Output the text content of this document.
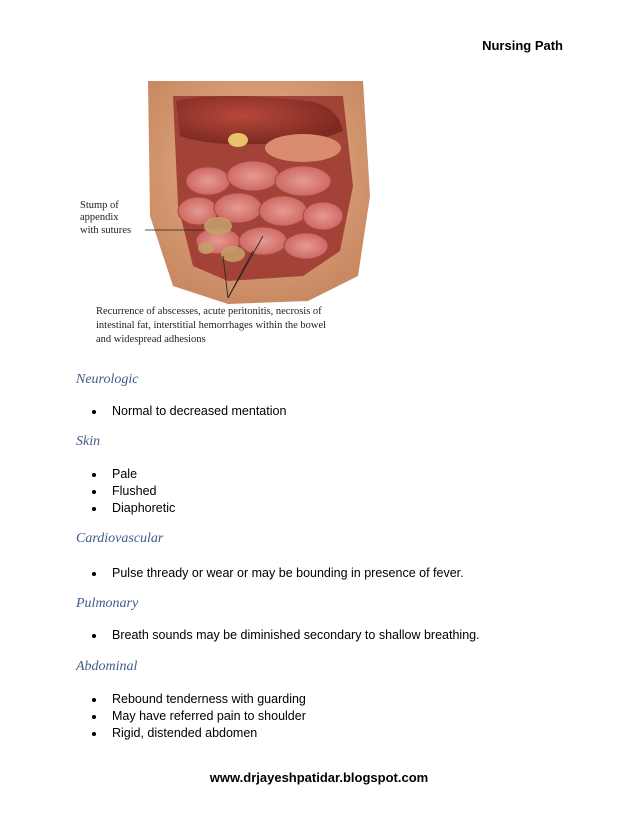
Nursing Path
Stump of
appendix
with sutures
Recurrence of abscesses, acute peritonitis, necrosis of
intestinal fat, interstitial hemorrhages within the bowel
and widespread adhesions
Neurologic
Normal to decreased mentation
Skin
Pale
Flushed
Diaphoretic
Cardiovascular
Pulse thready or wear or may be bounding in presence of fever.
Pulmonary
Breath sounds may be diminished secondary to shallow breathing.
Abdominal
Rebound tenderness with guarding
May have referred pain to shoulder
Rigid, distended abdomen
www.drjayeshpatidar.blogspot.com
